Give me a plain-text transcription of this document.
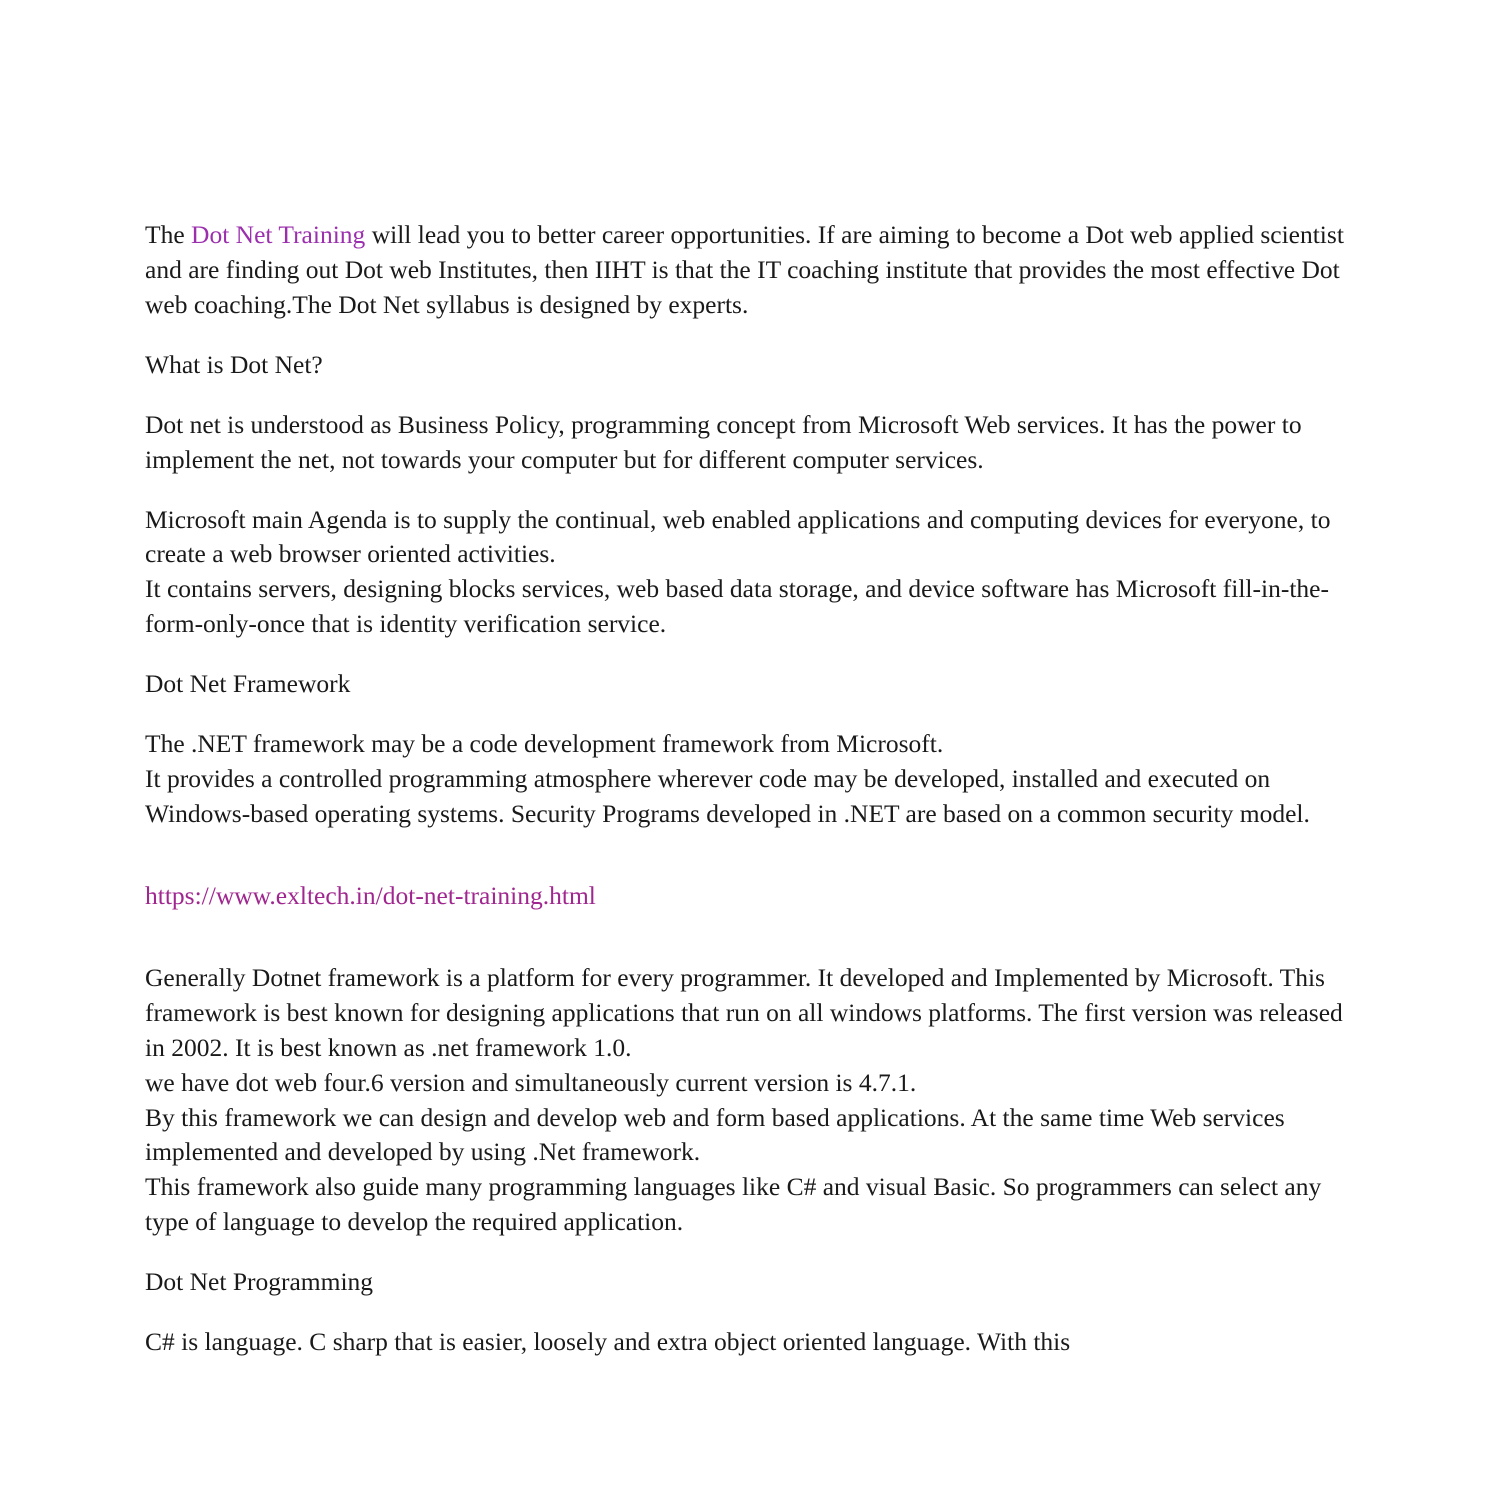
The Dot Net Training will lead you to better career opportunities. If are aiming to become a Dot web applied scientist and are finding out Dot web Institutes, then IIHT is that the IT coaching institute that provides the most effective Dot web coaching.The Dot Net syllabus is designed by experts.

What is Dot Net?

Dot net is understood as Business Policy, programming concept from Microsoft Web services. It has the power to implement the net, not towards your computer but for different computer services.

Microsoft main Agenda is to supply the continual, web enabled applications and computing devices for everyone, to create a web browser oriented activities.

It contains servers, designing blocks services, web based data storage, and device software has Microsoft fill-in-the-form-only-once that is identity verification service.

Dot Net Framework

The .NET framework may be a code development framework from Microsoft.

It provides a controlled programming atmosphere wherever code may be developed, installed and executed on Windows-based operating systems. Security Programs developed in .NET are based on a common security model.

https://www.exltech.in/dot-net-training.html

Generally Dotnet framework is a platform for every programmer. It developed and Implemented by Microsoft. This framework is best known for designing applications that run on all windows platforms. The first version was released in 2002. It is best known as .net framework 1.0.

we have dot web four.6 version and simultaneously current version is 4.7.1.

By this framework we can design and develop web and form based applications. At the same time Web services implemented and developed by using .Net framework.

This framework also guide many programming languages like C# and visual Basic. So programmers can select any type of language to develop the required application.

Dot Net Programming

C# is language. C sharp that is easier, loosely and extra object oriented language. With this
